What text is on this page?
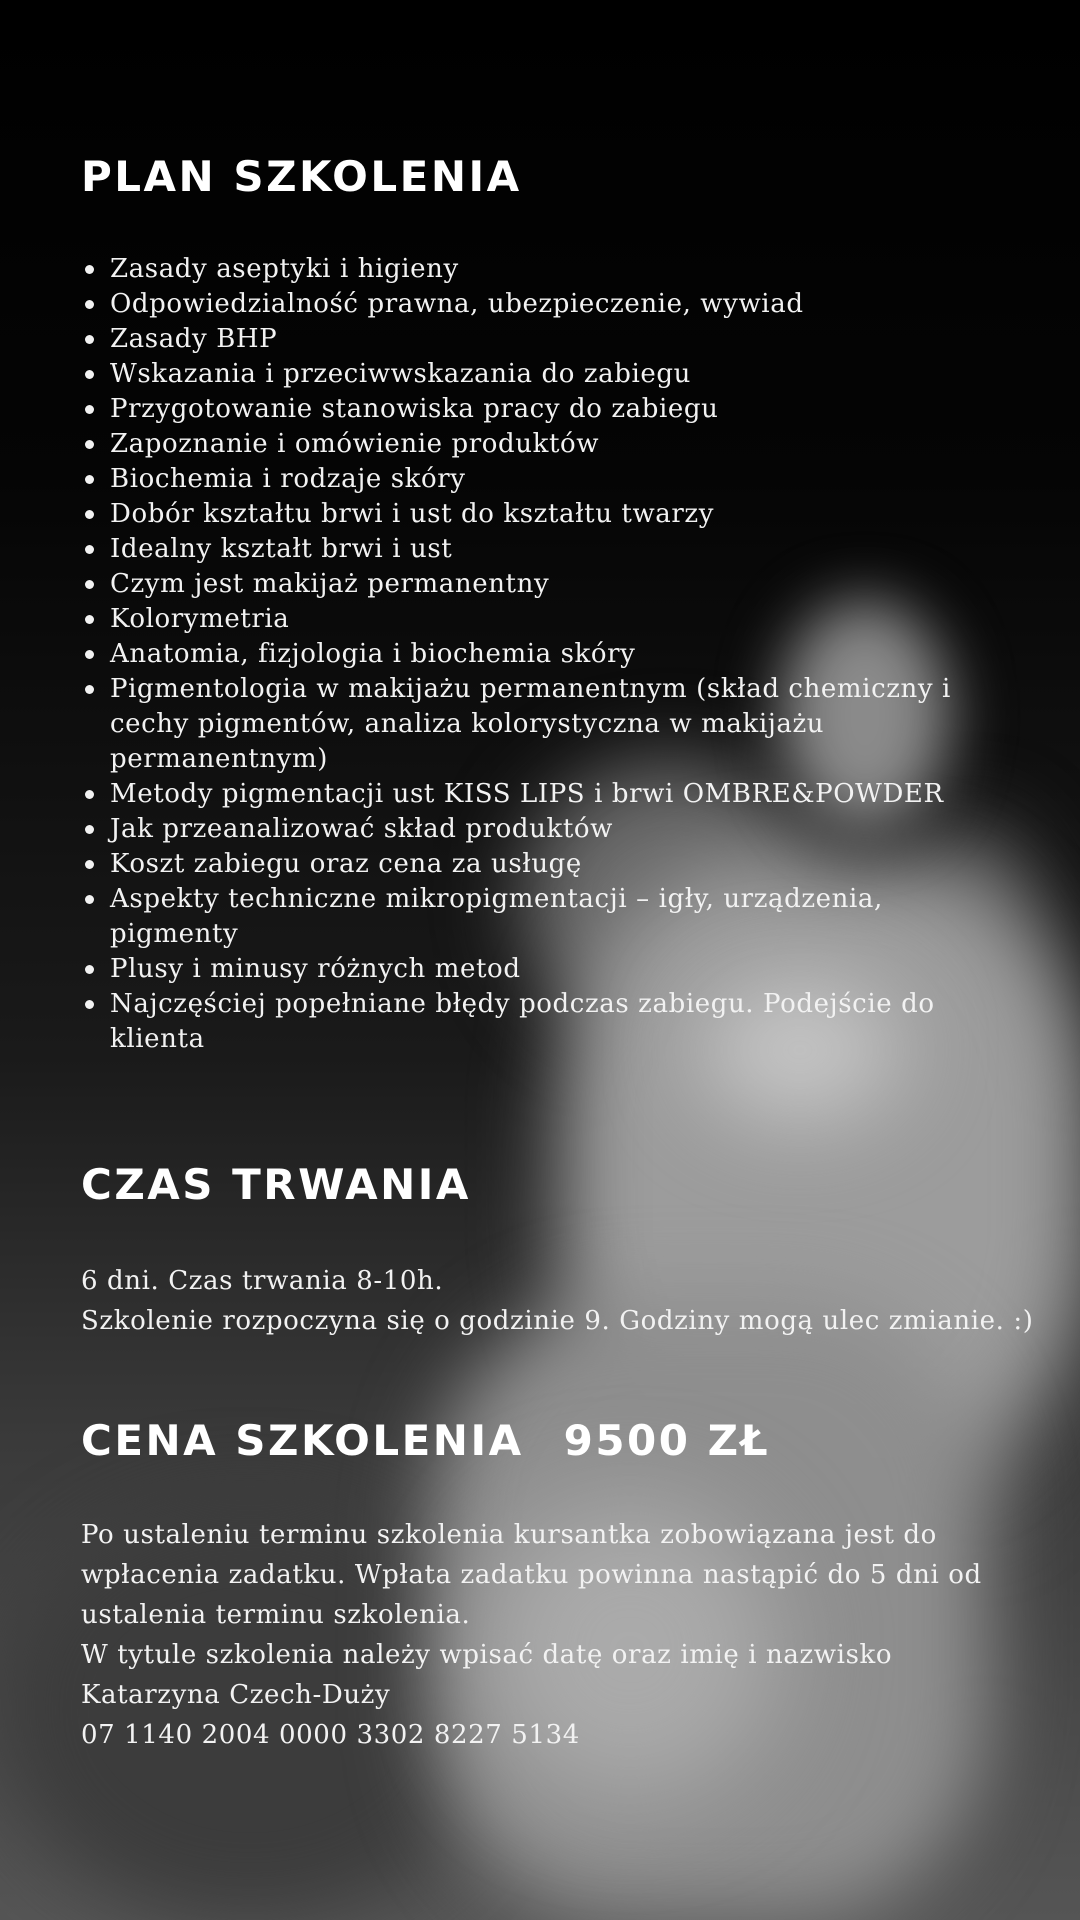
PLAN SZKOLENIA
Zasady aseptyki i higieny
Odpowiedzialność prawna, ubezpieczenie, wywiad
Zasady BHP
Wskazania i przeciwwskazania do zabiegu
Przygotowanie stanowiska pracy do zabiegu
Zapoznanie i omówienie produktów
Biochemia i rodzaje skóry
Dobór kształtu brwi i ust do kształtu twarzy
Idealny kształt brwi i ust
Czym jest makijaż permanentny
Kolorymetria
Anatomia, fizjologia i biochemia skóry
Pigmentologia w makijażu permanentnym (skład chemiczny i cechy pigmentów, analiza kolorystyczna w makijażu permanentnym)
Metody pigmentacji ust KISS LIPS i brwi OMBRE&POWDER
Jak przeanalizować skład produktów
Koszt zabiegu oraz cena za usługę
Aspekty techniczne mikropigmentacji – igły, urządzenia, pigmenty
Plusy i minusy różnych metod
Najczęściej popełniane błędy podczas zabiegu. Podejście do klienta
CZAS TRWANIA

6 dni. Czas trwania 8-10h.
Szkolenie rozpoczyna się o godzinie 9. Godziny mogą ulec zmianie. :)

CENA SZKOLENIA 9500 ZŁ

Po ustaleniu terminu szkolenia kursantka zobowiązana jest do
wpłacenia zadatku. Wpłata zadatku powinna nastąpić do 5 dni od
ustalenia terminu szkolenia.
W tytule szkolenia należy wpisać datę oraz imię i nazwisko
Katarzyna Czech-Duży
07 1140 2004 0000 3302 8227 5134
